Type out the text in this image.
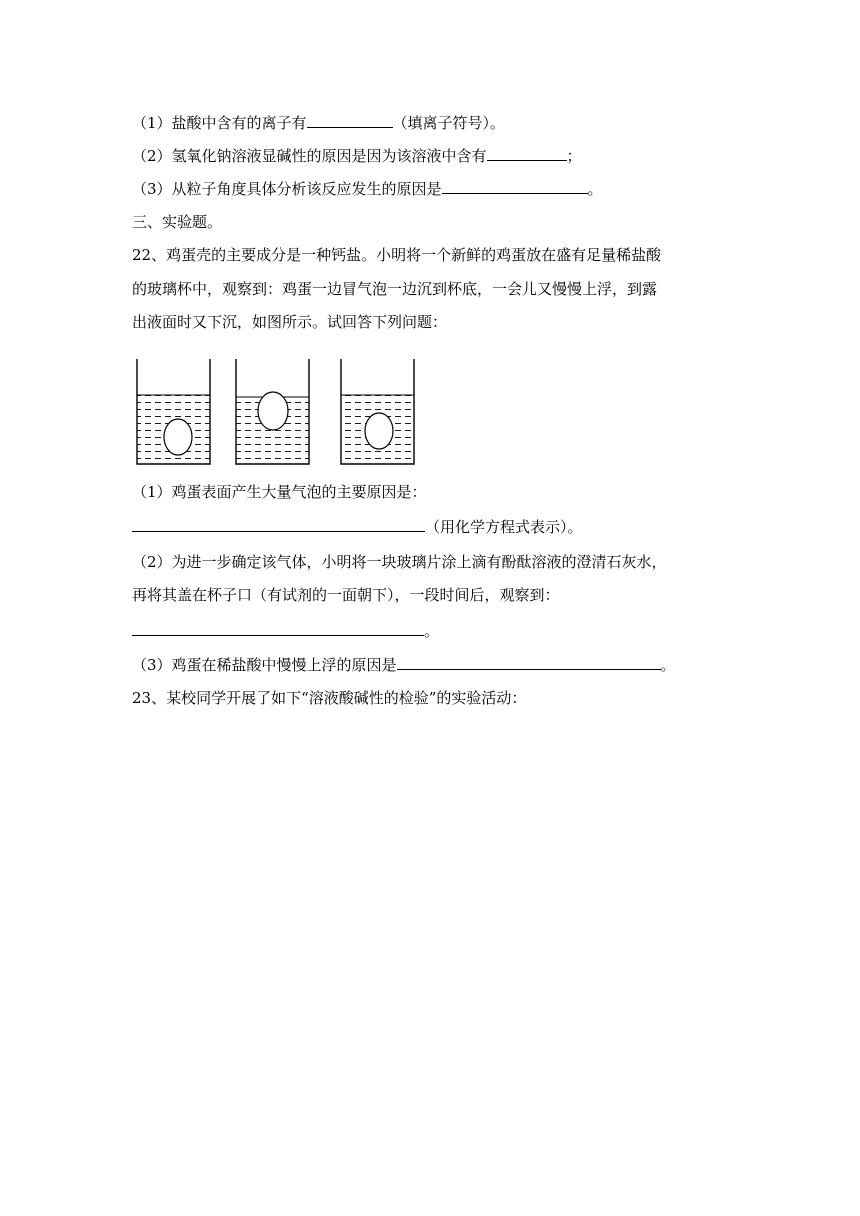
（1）盐酸中含有的离子有	（填离子符号）。
（2）氢氧化钠溶液显碱性的原因是因为该溶液中含有	；
（3）从粒子角度具体分析该反应发生的原因是	。
三、实验题。
22、鸡蛋壳的主要成分是一种钙盐。小明将一个新鲜的鸡蛋放在盛有足量稀盐酸
的玻璃杯中，观察到：鸡蛋一边冒气泡一边沉到杯底，一会儿又慢慢上浮，到露
出液面时又下沉，如图所示。试回答下列问题：
（1）鸡蛋表面产生大量气泡的主要原因是：
（用化学方程式表示）。
（2）为进一步确定该气体，小明将一块玻璃片涂上滴有酚酞溶液的澄清石灰水，
再将其盖在杯子口（有试剂的一面朝下），一段时间后，观察到：
。
（3）鸡蛋在稀盐酸中慢慢上浮的原因是	。
23、某校同学开展了如下“溶液酸碱性的检验”的实验活动：
